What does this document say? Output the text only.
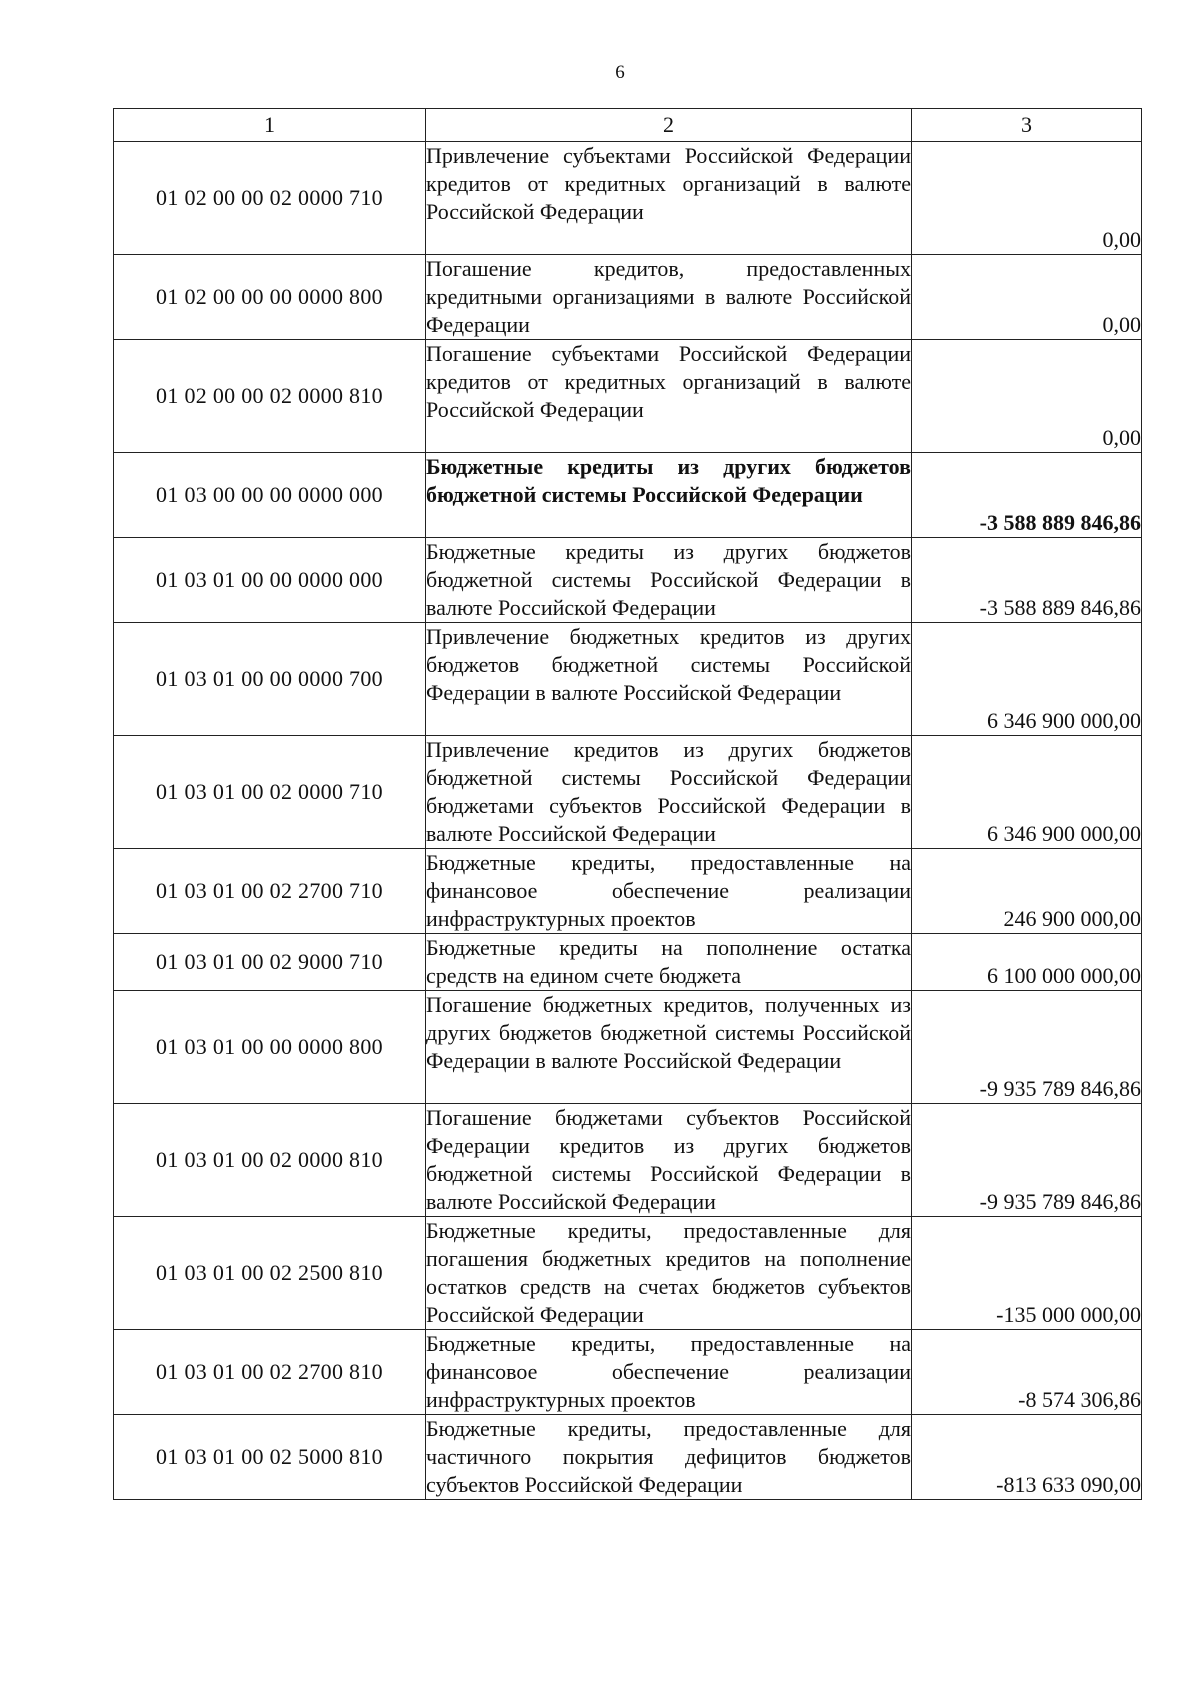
6
1	2	3
01 02 00 00 02 0000 710	Привлечение субъектами Российской Федерации кредитов от кредитных организаций в валюте Российской Федерации	0,00
01 02 00 00 00 0000 800	Погашение кредитов, предоставленных кредитными организациями в валюте Российской Федерации	0,00
01 02 00 00 02 0000 810	Погашение субъектами Российской Федерации кредитов от кредитных организаций в валюте Российской Федерации	0,00
01 03 00 00 00 0000 000	Бюджетные кредиты из других бюджетов бюджетной системы Российской Федерации	-3 588 889 846,86
01 03 01 00 00 0000 000	Бюджетные кредиты из других бюджетов бюджетной системы Российской Федерации в валюте Российской Федерации	-3 588 889 846,86
01 03 01 00 00 0000 700	Привлечение бюджетных кредитов из других бюджетов бюджетной системы Российской Федерации в валюте Российской Федерации	6 346 900 000,00
01 03 01 00 02 0000 710	Привлечение кредитов из других бюджетов бюджетной системы Российской Федерации бюджетами субъектов Российской Федерации в валюте Российской Федерации	6 346 900 000,00
01 03 01 00 02 2700 710	Бюджетные кредиты, предоставленные на финансовое обеспечение реализации инфраструктурных проектов	246 900 000,00
01 03 01 00 02 9000 710	Бюджетные кредиты на пополнение остатка средств на едином счете бюджета	6 100 000 000,00
01 03 01 00 00 0000 800	Погашение бюджетных кредитов, полученных из других бюджетов бюджетной системы Российской Федерации в валюте Российской Федерации	-9 935 789 846,86
01 03 01 00 02 0000 810	Погашение бюджетами субъектов Российской Федерации кредитов из других бюджетов бюджетной системы Российской Федерации в валюте Российской Федерации	-9 935 789 846,86
01 03 01 00 02 2500 810	Бюджетные кредиты, предоставленные для погашения бюджетных кредитов на пополнение остатков средств на счетах бюджетов субъектов Российской Федерации	-135 000 000,00
01 03 01 00 02 2700 810	Бюджетные кредиты, предоставленные на финансовое обеспечение реализации инфраструктурных проектов	-8 574 306,86
01 03 01 00 02 5000 810	Бюджетные кредиты, предоставленные для частичного покрытия дефицитов бюджетов субъектов Российской Федерации	-813 633 090,00
